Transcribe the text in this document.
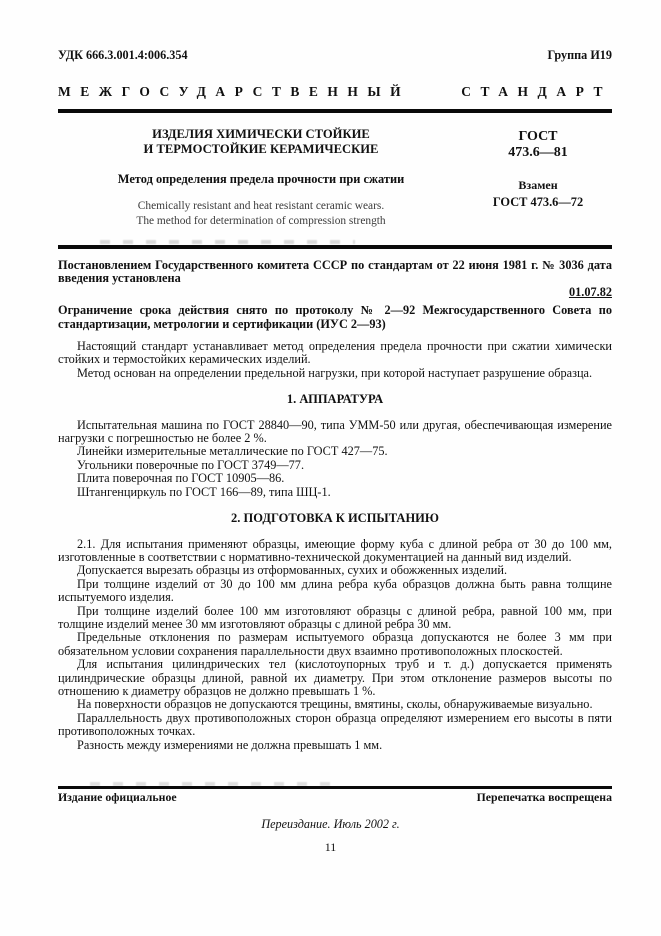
УДК 666.3.001.4:006.354	Группа И19
МЕЖГОСУДАРСТВЕННЫЙ СТАНДАРТ
ИЗДЕЛИЯ ХИМИЧЕСКИ СТОЙКИЕ
И ТЕРМОСТОЙКИЕ КЕРАМИЧЕСКИЕ
Метод определения предела прочности при сжатии
Chemically resistant and heat resistant ceramic wears.
The method for determination of compression strength
ГОСТ
473.6—81
Взамен
ГОСТ 473.6—72

Постановлением Государственного комитета СССР по стандартам от 22 июня 1981 г. № 3036 дата введения установлена

01.07.82

Ограничение срока действия снято по протоколу № 2—92 Межгосударственного Совета по стандартизации, метрологии и сертификации (ИУС 2—93)

Настоящий стандарт устанавливает метод определения предела прочности при сжатии химически стойких и термостойких керамических изделий.
Метод основан на определении предельной нагрузки, при которой наступает разрушение образца.
1. АППАРАТУРА
Испытательная машина по ГОСТ 28840—90, типа УММ-50 или другая, обеспечивающая измерение нагрузки с погрешностью не более 2 %.
Линейки измерительные металлические по ГОСТ 427—75.
Угольники поверочные по ГОСТ 3749—77.
Плита поверочная по ГОСТ 10905—86.
Штангенциркуль по ГОСТ 166—89, типа ШЦ-1.
2. ПОДГОТОВКА К ИСПЫТАНИЮ
2.1. Для испытания применяют образцы, имеющие форму куба с длиной ребра от 30 до 100 мм, изготовленные в соответствии с нормативно-технической документацией на данный вид изделий.
Допускается вырезать образцы из отформованных, сухих и обожженных изделий.
При толщине изделий от 30 до 100 мм длина ребра куба образцов должна быть равна толщине испытуемого изделия.
При толщине изделий более 100 мм изготовляют образцы с длиной ребра, равной 100 мм, при толщине изделий менее 30 мм изготовляют образцы с длиной ребра 30 мм.
Предельные отклонения по размерам испытуемого образца допускаются не более 3 мм при обязательном условии сохранения параллельности двух взаимно противоположных плоскостей.
Для испытания цилиндрических тел (кислотоупорных труб и т. д.) допускается применять цилиндрические образцы длиной, равной их диаметру. При этом отклонение размеров высоты по отношению к диаметру образцов не должно превышать 1 %.
На поверхности образцов не допускаются трещины, вмятины, сколы, обнаруживаемые визуально.
Параллельность двух противоположных сторон образца определяют измерением его высоты в пяти противоположных точках.
Разность между измерениями не должна превышать 1 мм.
Издание официальное	Перепечатка воспрещена
Переиздание. Июль 2002 г.
11
